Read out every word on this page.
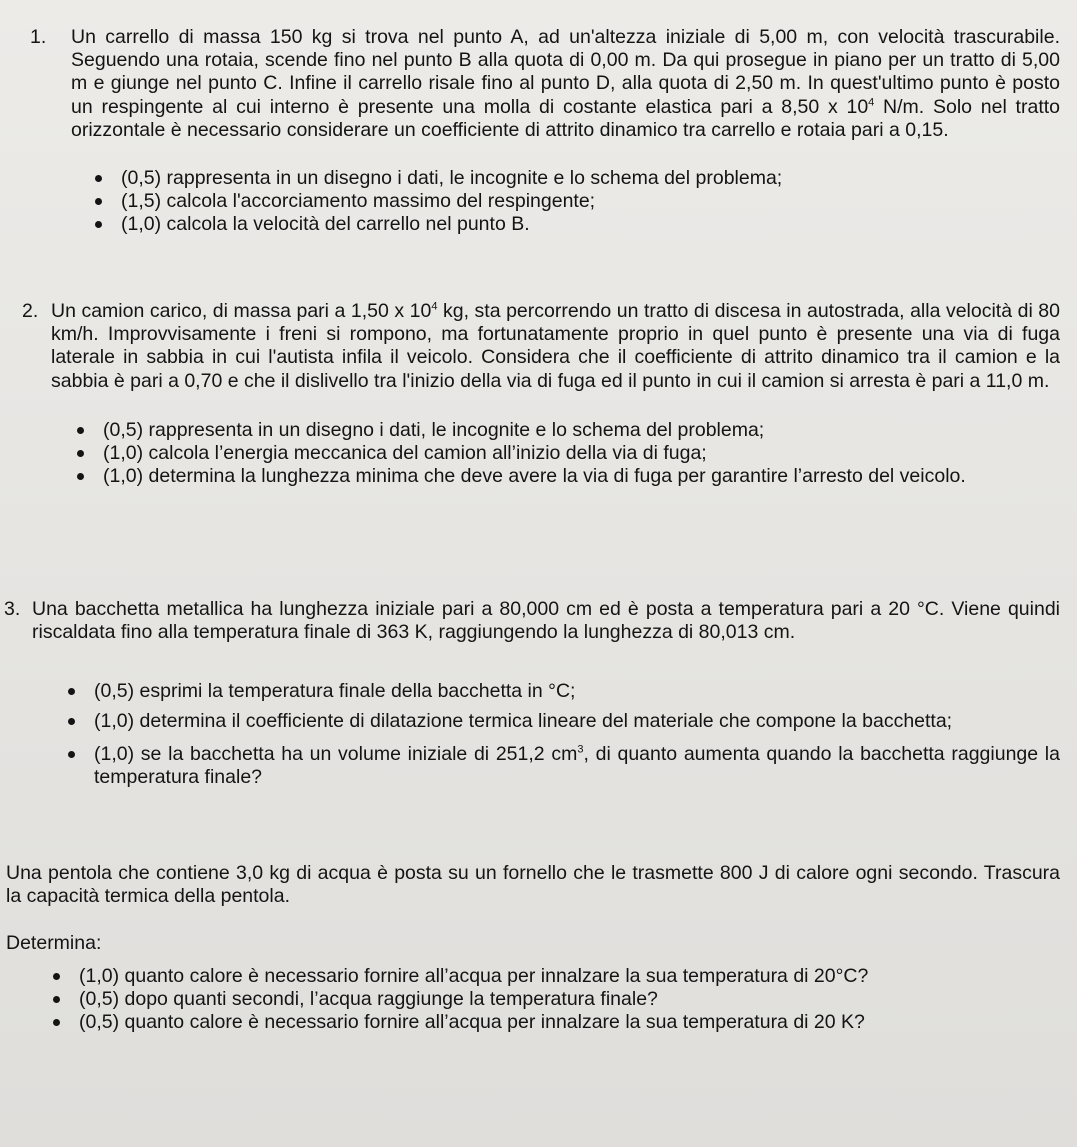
1. Un carrello di massa 150 kg si trova nel punto A, ad un'altezza iniziale di 5,00 m, con velocità trascurabile. Seguendo una rotaia, scende fino nel punto B alla quota di 0,00 m. Da qui prosegue in piano per un tratto di 5,00 m e giunge nel punto C. Infine il carrello risale fino al punto D, alla quota di 2,50 m. In quest'ultimo punto è posto un respingente al cui interno è presente una molla di costante elastica pari a 8,50 x $10^4$ N/m. Solo nel tratto orizzontale è necessario considerare un coefficiente di attrito dinamico tra carrello e rotaia pari a 0,15.

(0,5) rappresenta in un disegno i dati, le incognite e lo schema del problema;

(1,5) calcola l'accorciamento massimo del respingente;

(1,0) calcola la velocità del carrello nel punto B.

2. Un camion carico, di massa pari a 1,50 x $10^4$ kg, sta percorrendo un tratto di discesa in autostrada, alla velocità di 80 km/h. Improvvisamente i freni si rompono, ma fortunatamente proprio in quel punto è presente una via di fuga laterale in sabbia in cui l'autista infila il veicolo. Considera che il coefficiente di attrito dinamico tra il camion e la sabbia è pari a 0,70 e che il dislivello tra l'inizio della via di fuga ed il punto in cui il camion si arresta è pari a 11,0 m.

(0,5) rappresenta in un disegno i dati, le incognite e lo schema del problema;

(1,0) calcola l’energia meccanica del camion all’inizio della via di fuga;

(1,0) determina la lunghezza minima che deve avere la via di fuga per garantire l’arresto del veicolo.

3. Una bacchetta metallica ha lunghezza iniziale pari a 80,000 cm ed è posta a temperatura pari a 20 °C. Viene quindi riscaldata fino alla temperatura finale di 363 K, raggiungendo la lunghezza di 80,013 cm.

(0,5) esprimi la temperatura finale della bacchetta in °C;

(1,0) determina il coefficiente di dilatazione termica lineare del materiale che compone la bacchetta;

(1,0) se la bacchetta ha un volume iniziale di 251,2 $cm^3$, di quanto aumenta quando la bacchetta raggiunge la temperatura finale?

Una pentola che contiene 3,0 kg di acqua è posta su un fornello che le trasmette 800 J di calore ogni secondo. Trascura la capacità termica della pentola.
Determina:

(1,0) quanto calore è necessario fornire all’acqua per innalzare la sua temperatura di 20°C?

(0,5) dopo quanti secondi, l’acqua raggiunge la temperatura finale?

(0,5) quanto calore è necessario fornire all’acqua per innalzare la sua temperatura di 20 K?
